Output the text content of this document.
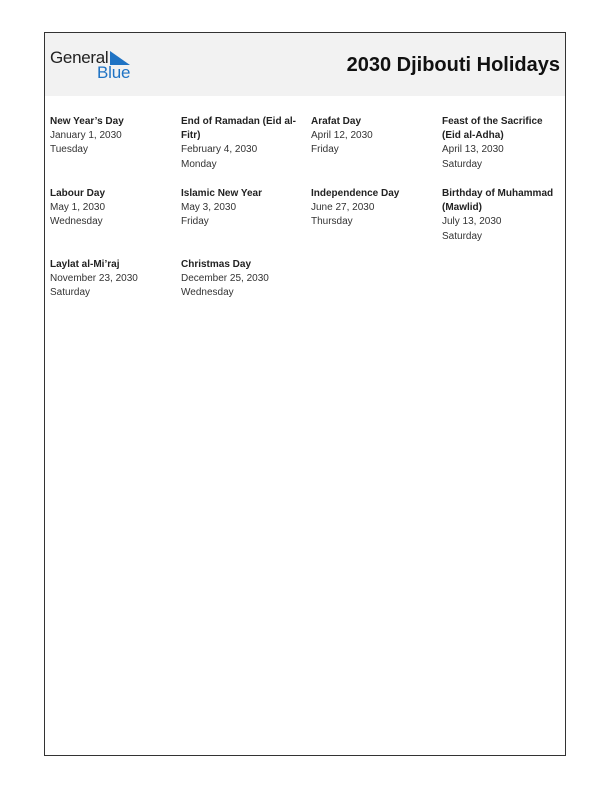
General
Blue	2030 Djibouti Holidays
New Year’s Day
January 1, 2030
Tuesday
End of Ramadan (Eid al-Fitr)
February 4, 2030
Monday
Arafat Day
April 12, 2030
Friday
Feast of the Sacrifice (Eid al-Adha)
April 13, 2030
Saturday
Labour Day
May 1, 2030
Wednesday
Islamic New Year
May 3, 2030
Friday
Independence Day
June 27, 2030
Thursday
Birthday of Muhammad (Mawlid)
July 13, 2030
Saturday
Laylat al-Mi’raj
November 23, 2030
Saturday
Christmas Day
December 25, 2030
Wednesday
